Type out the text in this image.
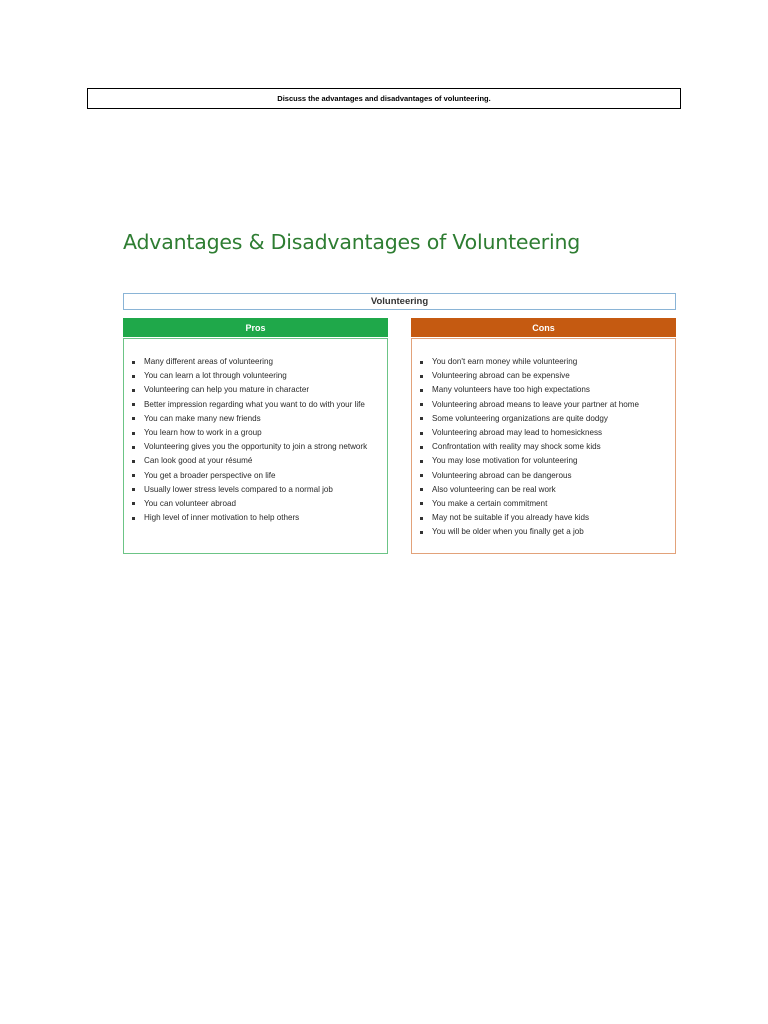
Discuss the advantages and disadvantages of volunteering.
Advantages & Disadvantages of Volunteering
Volunteering
Pros	Cons
Many different areas of volunteering
You can learn a lot through volunteering
Volunteering can help you mature in character
Better impression regarding what you want to do with your life
You can make many new friends
You learn how to work in a group
Volunteering gives you the opportunity to join a strong network
Can look good at your résumé
You get a broader perspective on life
Usually lower stress levels compared to a normal job
You can volunteer abroad
High level of inner motivation to help others
You don't earn money while volunteering
Volunteering abroad can be expensive
Many volunteers have too high expectations
Volunteering abroad means to leave your partner at home
Some volunteering organizations are quite dodgy
Volunteering abroad may lead to homesickness
Confrontation with reality may shock some kids
You may lose motivation for volunteering
Volunteering abroad can be dangerous
Also volunteering can be real work
You make a certain commitment
May not be suitable if you already have kids
You will be older when you finally get a job
